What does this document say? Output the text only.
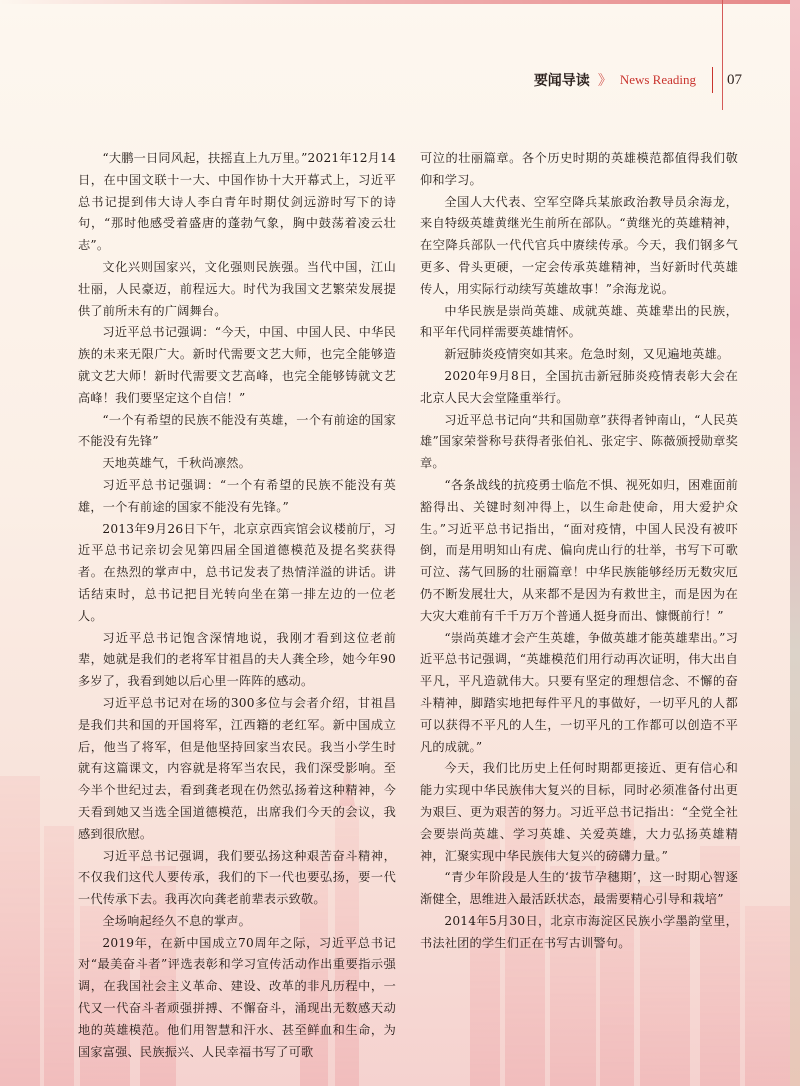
要闻导读 》 News Reading 07

“大鹏一日同风起，扶摇直上九万里。”2021年12月14日，在中国文联十一大、中国作协十大开幕式上，习近平总书记提到伟大诗人李白青年时期仗剑远游时写下的诗句，“那时他感受着盛唐的蓬勃气象，胸中鼓荡着凌云壮志”。

文化兴则国家兴，文化强则民族强。当代中国，江山壮丽，人民豪迈，前程远大。时代为我国文艺繁荣发展提供了前所未有的广阔舞台。

习近平总书记强调：“今天，中国、中国人民、中华民族的未来无限广大。新时代需要文艺大师，也完全能够造就文艺大师！新时代需要文艺高峰，也完全能够铸就文艺高峰！我们要坚定这个自信！”

“一个有希望的民族不能没有英雄，一个有前途的国家不能没有先锋”

天地英雄气，千秋尚凛然。

习近平总书记强调：“一个有希望的民族不能没有英雄，一个有前途的国家不能没有先锋。”

2013年9月26日下午，北京京西宾馆会议楼前厅，习近平总书记亲切会见第四届全国道德模范及提名奖获得者。在热烈的掌声中，总书记发表了热情洋溢的讲话。讲话结束时，总书记把目光转向坐在第一排左边的一位老人。

习近平总书记饱含深情地说，我刚才看到这位老前辈，她就是我们的老将军甘祖昌的夫人龚全珍，她今年90多岁了，我看到她以后心里一阵阵的感动。

习近平总书记对在场的300多位与会者介绍，甘祖昌是我们共和国的开国将军，江西籍的老红军。新中国成立后，他当了将军，但是他坚持回家当农民。我当小学生时就有这篇课文，内容就是将军当农民，我们深受影响。至今半个世纪过去，看到龚老现在仍然弘扬着这种精神，今天看到她又当选全国道德模范，出席我们今天的会议，我感到很欣慰。

习近平总书记强调，我们要弘扬这种艰苦奋斗精神，不仅我们这代人要传承，我们的下一代也要弘扬，要一代一代传承下去。我再次向龚老前辈表示致敬。

全场响起经久不息的掌声。

2019年，在新中国成立70周年之际，习近平总书记对“最美奋斗者”评选表彰和学习宣传活动作出重要指示强调，在我国社会主义革命、建设、改革的非凡历程中，一代又一代奋斗者顽强拼搏、不懈奋斗，涌现出无数感天动地的英雄模范。他们用智慧和汗水、甚至鲜血和生命，为国家富强、民族振兴、人民幸福书写了可歌

可泣的壮丽篇章。各个历史时期的英雄模范都值得我们敬仰和学习。

全国人大代表、空军空降兵某旅政治教导员余海龙，来自特级英雄黄继光生前所在部队。“黄继光的英雄精神，在空降兵部队一代代官兵中赓续传承。今天，我们钢多气更多、骨头更硬，一定会传承英雄精神，当好新时代英雄传人，用实际行动续写英雄故事！”余海龙说。

中华民族是崇尚英雄、成就英雄、英雄辈出的民族，和平年代同样需要英雄情怀。

新冠肺炎疫情突如其来。危急时刻，又见遍地英雄。

2020年9月8日，全国抗击新冠肺炎疫情表彰大会在北京人民大会堂隆重举行。

习近平总书记向“共和国勋章”获得者钟南山，“人民英雄”国家荣誉称号获得者张伯礼、张定宇、陈薇颁授勋章奖章。

“各条战线的抗疫勇士临危不惧、视死如归，困难面前豁得出、关键时刻冲得上，以生命赴使命，用大爱护众生。”习近平总书记指出，“面对疫情，中国人民没有被吓倒，而是用明知山有虎、偏向虎山行的壮举，书写下可歌可泣、荡气回肠的壮丽篇章！中华民族能够经历无数灾厄仍不断发展壮大，从来都不是因为有救世主，而是因为在大灾大难前有千千万万个普通人挺身而出、慷慨前行！”

“崇尚英雄才会产生英雄，争做英雄才能英雄辈出。”习近平总书记强调，“英雄模范们用行动再次证明，伟大出自平凡，平凡造就伟大。只要有坚定的理想信念、不懈的奋斗精神，脚踏实地把每件平凡的事做好，一切平凡的人都可以获得不平凡的人生，一切平凡的工作都可以创造不平凡的成就。”

今天，我们比历史上任何时期都更接近、更有信心和能力实现中华民族伟大复兴的目标，同时必须准备付出更为艰巨、更为艰苦的努力。习近平总书记指出：“全党全社会要崇尚英雄、学习英雄、关爱英雄，大力弘扬英雄精神，汇聚实现中华民族伟大复兴的磅礴力量。”

“青少年阶段是人生的‘拔节孕穗期’，这一时期心智逐渐健全，思维进入最活跃状态，最需要精心引导和栽培”

2014年5月30日，北京市海淀区民族小学墨韵堂里，书法社团的学生们正在书写古训警句。
